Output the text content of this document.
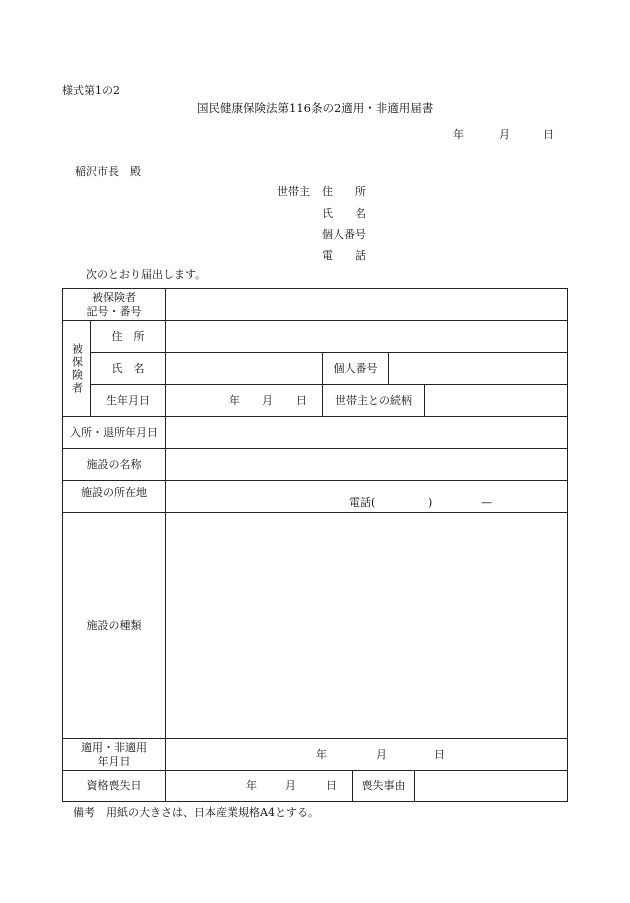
様式第1の2
国民健康保険法第116条の2適用・非適用届書
年	月	日
稲沢市長　殿
世帯主 住　　所
氏　　名
個人番号
電　　話
次のとおり届出します。
被保険者
記号・番号
被保険者
住　所
氏　名	個人番号
生年月日	年 月 日	世帯主との続柄
入所・退所年月日
施設の名称
施設の所在地
電話(	)	—
施設の種類
適用・非適用
年月日
年	月	日
資格喪失日	年	月	日	喪失事由
備考　用紙の大きさは、日本産業規格A4とする。
